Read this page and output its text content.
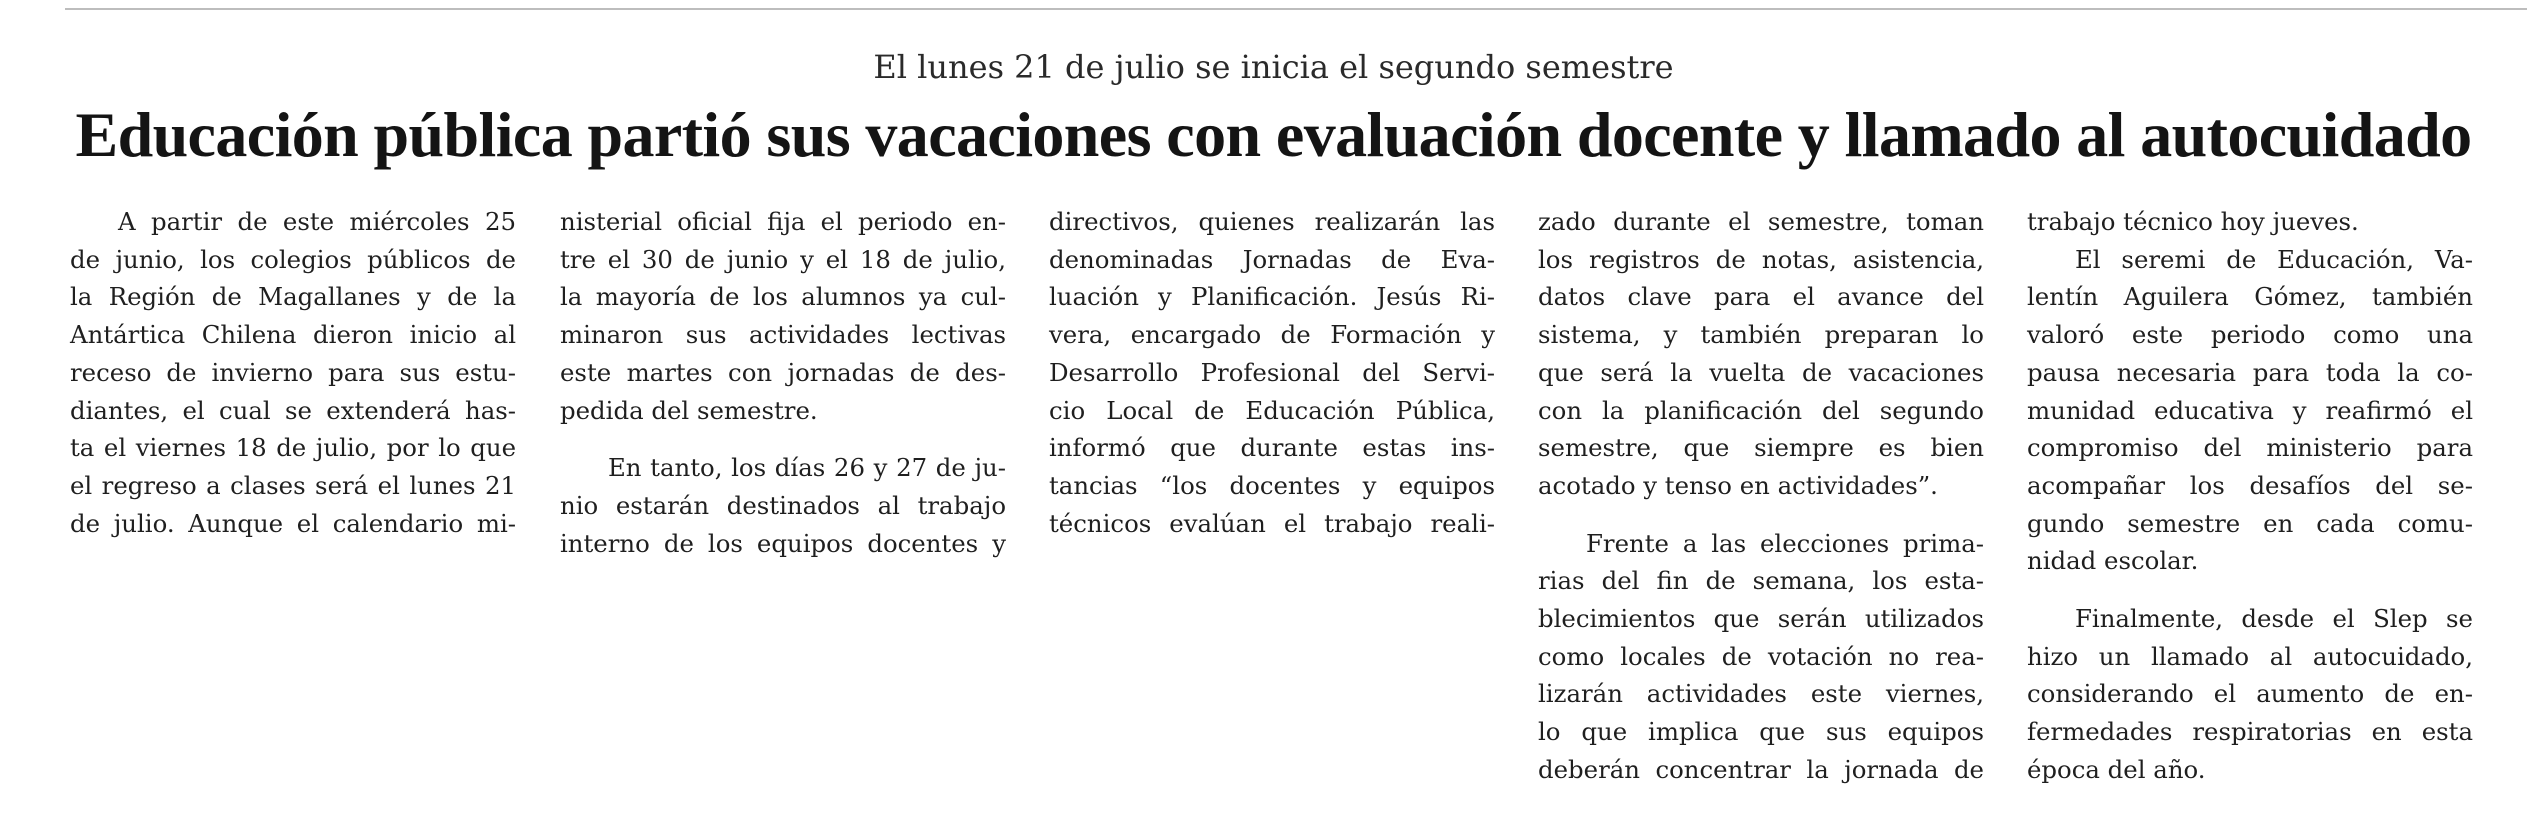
El lunes 21 de julio se inicia el segundo semestre
Educación pública partió sus vacaciones con evaluación docente y llamado al autocuidado
A partir de este miércoles 25
de junio, los colegios públicos de
la Región de Magallanes y de la
Antártica Chilena dieron inicio al
receso de invierno para sus estu-
diantes, el cual se extenderá has-
ta el viernes 18 de julio, por lo que
el regreso a clases será el lunes 21
de julio. Aunque el calendario mi-
nisterial oficial fija el periodo en-
tre el 30 de junio y el 18 de julio,
la mayoría de los alumnos ya cul-
minaron sus actividades lectivas
este martes con jornadas de des-
pedida del semestre.
En tanto, los días 26 y 27 de ju-
nio estarán destinados al trabajo
interno de los equipos docentes y
directivos, quienes realizarán las
denominadas Jornadas de Eva-
luación y Planificación. Jesús Ri-
vera, encargado de Formación y
Desarrollo Profesional del Servi-
cio Local de Educación Pública,
informó que durante estas ins-
tancias “los docentes y equipos
técnicos evalúan el trabajo reali-
zado durante el semestre, toman
los registros de notas, asistencia,
datos clave para el avance del
sistema, y también preparan lo
que será la vuelta de vacaciones
con la planificación del segundo
semestre, que siempre es bien
acotado y tenso en actividades”.
Frente a las elecciones prima-
rias del fin de semana, los esta-
blecimientos que serán utilizados
como locales de votación no rea-
lizarán actividades este viernes,
lo que implica que sus equipos
deberán concentrar la jornada de
trabajo técnico hoy jueves.
El seremi de Educación, Va-
lentín Aguilera Gómez, también
valoró este periodo como una
pausa necesaria para toda la co-
munidad educativa y reafirmó el
compromiso del ministerio para
acompañar los desafíos del se-
gundo semestre en cada comu-
nidad escolar.
Finalmente, desde el Slep se
hizo un llamado al autocuidado,
considerando el aumento de en-
fermedades respiratorias en esta
época del año.
